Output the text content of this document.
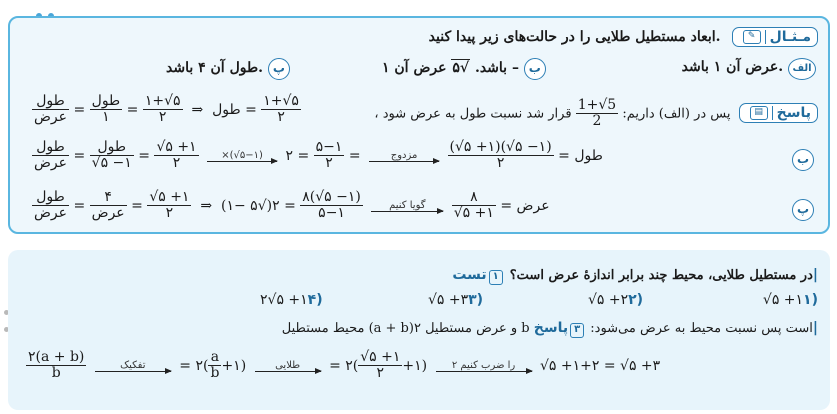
ابعاد مستطیل طلایی را در حالت‌های زیر پیدا کنید.	✎ مـثـال
عرض آن ۱ باشد. الف
باشد. √۵ عرض آن ۱ – ب
طول آن ۴ باشد. پ
، پس در (الف) داریم:
$\frac{1+√5}{2}$
قرار شد نسبت طول به عرض شود	▤ پاسخ
$\frac{\text{طول}}{\text{عرض}} = \frac{\text{طول}}{۱} = \frac{۱+√۵}{۲}$ ⇒  طول = $\frac{۱+√۵}{۲}$
ب
$\frac{\text{طول}}{\text{عرض}} = \frac{\text{طول}}{√۵ -۱} = \frac{√۵ +۱}{۲}$
	×(√۵−۱)	طول =
$\frac{(√۵ +۱)(√۵ -۱)}{۲}$

مزدوج
=
$\frac{۵-۱}{۲}$
= ۲
پ
$\frac{\text{طول}}{\text{عرض}} = \frac{۴}{\text{عرض}} = \frac{√۵ +۱}{۲}$ ⇒	عرض =
$\frac{۸}{√۵ +۱}$

گویا کنیم

$\frac{۸(√۵ -۱)}{۵-۱}$
= ۲(√۵ −۱)
در مستطیل طلایی، محیط چند برابر اندازهٔ عرض است؟ ۱تست	|
√۵ +۱۱)
√۵ +۲۲)
√۵ +۳۳)
۲√۵ +۱۴)
محیط مستطیل (a + b)۲ و عرض مستطیل b است پس نسبت محیط به عرض می‌شود: ۳پاسخ	|
$\frac{۲(a + b)}{b}$
	تفکیک	= ۲( $\frac{a}{b}$ +۱)	طلایی	= ۲( $\frac{√۵ +۱}{۲}$ +۱)	۲ را ضرب کنیم	√۵ +۱+۲ = √۵ +۳
